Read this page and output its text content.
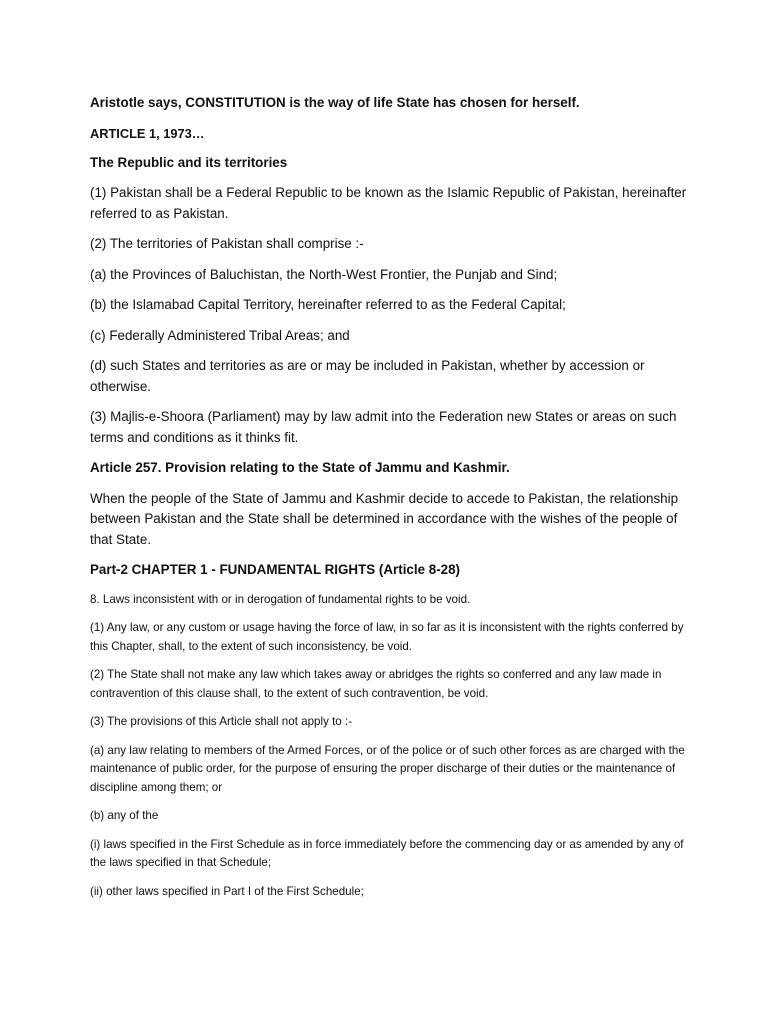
Aristotle says, CONSTITUTION is the way of life State has chosen for herself.

ARTICLE 1, 1973…

The Republic and its territories

(1) Pakistan shall be a Federal Republic to be known as the Islamic Republic of Pakistan, hereinafter referred to as Pakistan.

(2) The territories of Pakistan shall comprise :-

(a) the Provinces of Baluchistan, the North-West Frontier, the Punjab and Sind;

(b) the Islamabad Capital Territory, hereinafter referred to as the Federal Capital;

(c) Federally Administered Tribal Areas; and

(d) such States and territories as are or may be included in Pakistan, whether by accession or otherwise.

(3) Majlis-e-Shoora (Parliament) may by law admit into the Federation new States or areas on such terms and conditions as it thinks fit.

Article 257. Provision relating to the State of Jammu and Kashmir.

When the people of the State of Jammu and Kashmir decide to accede to Pakistan, the relationship between Pakistan and the State shall be determined in accordance with the wishes of the people of that State.

Part-2 CHAPTER 1 - FUNDAMENTAL RIGHTS (Article 8-28)

8. Laws inconsistent with or in derogation of fundamental rights to be void.

(1) Any law, or any custom or usage having the force of law, in so far as it is inconsistent with the rights conferred by this Chapter, shall, to the extent of such inconsistency, be void.

(2) The State shall not make any law which takes away or abridges the rights so conferred and any law made in contravention of this clause shall, to the extent of such contravention, be void.

(3) The provisions of this Article shall not apply to :-

(a) any law relating to members of the Armed Forces, or of the police or of such other forces as are charged with the maintenance of public order, for the purpose of ensuring the proper discharge of their duties or the maintenance of discipline among them; or

(b) any of the

(i) laws specified in the First Schedule as in force immediately before the commencing day or as amended by any of the laws specified in that Schedule;

(ii) other laws specified in Part I of the First Schedule;
